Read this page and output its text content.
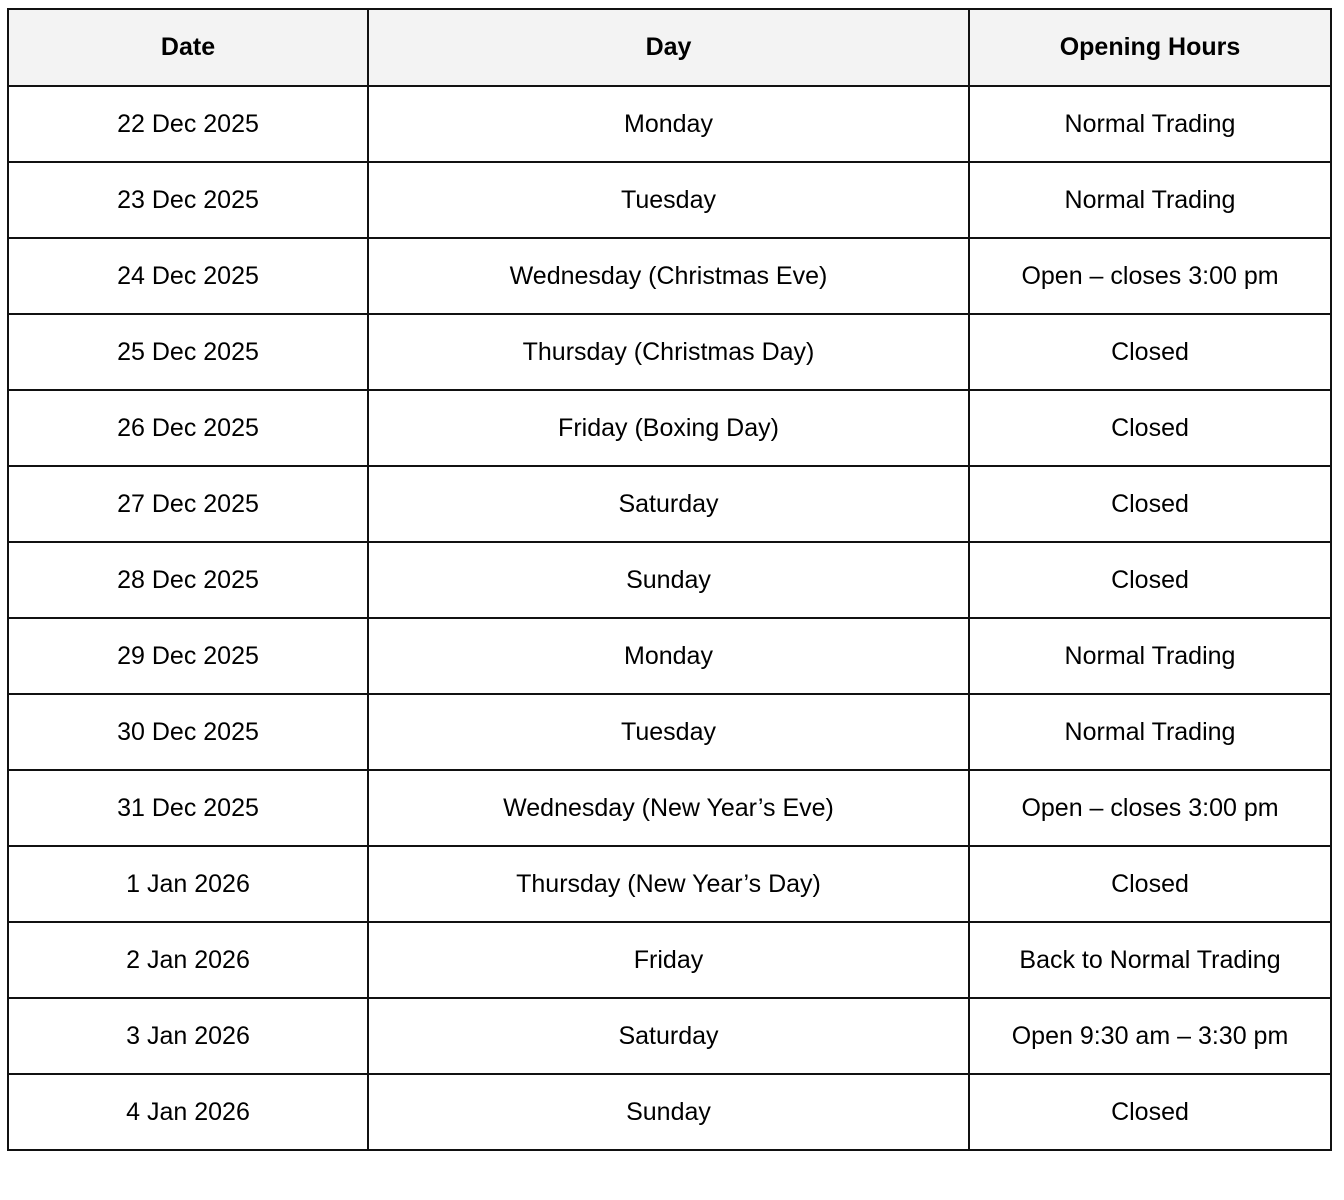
Date	Day	Opening Hours
22 Dec 2025	Monday	Normal Trading
23 Dec 2025	Tuesday	Normal Trading
24 Dec 2025	Wednesday (Christmas Eve)	Open – closes 3:00 pm
25 Dec 2025	Thursday (Christmas Day)	Closed
26 Dec 2025	Friday (Boxing Day)	Closed
27 Dec 2025	Saturday	Closed
28 Dec 2025	Sunday	Closed
29 Dec 2025	Monday	Normal Trading
30 Dec 2025	Tuesday	Normal Trading
31 Dec 2025	Wednesday (New Year’s Eve)	Open – closes 3:00 pm
1 Jan 2026	Thursday (New Year’s Day)	Closed
2 Jan 2026	Friday	Back to Normal Trading
3 Jan 2026	Saturday	Open 9:30 am – 3:30 pm
4 Jan 2026	Sunday	Closed
